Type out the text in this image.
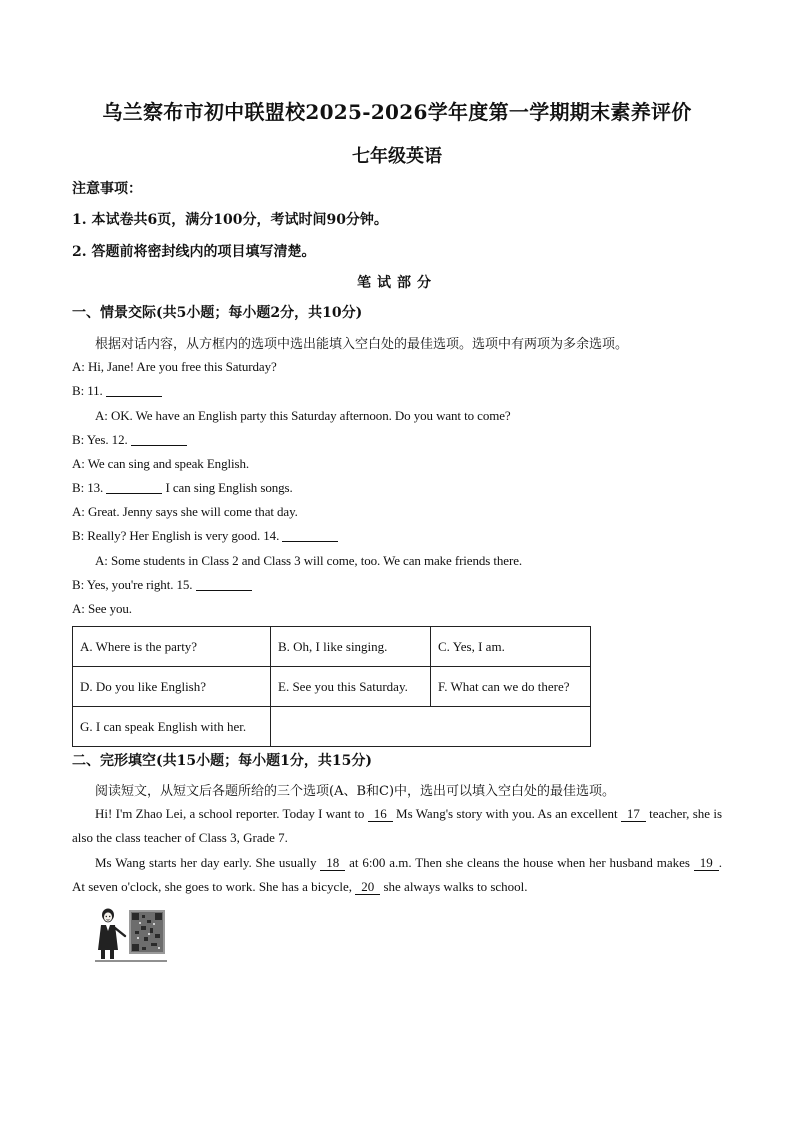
乌兰察布市初中联盟校2025-2026学年度第一学期期末素养评价
七年级英语
注意事项：
1. 本试卷共6页，满分100分，考试时间90分钟。
2. 答题前将密封线内的项目填写清楚。
笔试部分
一、情景交际(共5小题；每小题2分，共10分)
根据对话内容，从方框内的选项中选出能填入空白处的最佳选项。选项中有两项为多余选项。
A: Hi, Jane! Are you free this Saturday?
B: 11.
A: OK. We have an English party this Saturday afternoon. Do you want to come?
B: Yes. 12.
A: We can sing and speak English.
B: 13.	I can sing English songs.
A: Great. Jenny says she will come that day.
B: Really? Her English is very good. 14.
A: Some students in Class 2 and Class 3 will come, too. We can make friends there.
B: Yes, you're right. 15.
A: See you.
A. Where is the party?	B. Oh, I like singing.	C. Yes, I am.
D. Do you like English?	E. See you this Saturday.	F. What can we do there?
G. I can speak English with her.		
二、完形填空(共15小题；每小题1分，共15分)
阅读短文，从短文后各题所给的三个选项(A、B和C)中，选出可以填入空白处的最佳选项。
Hi! I'm Zhao Lei, a school reporter. Today I want to 16 Ms Wang's story with you. As an excellent 17 teacher, she is also the class teacher of Class 3, Grade 7.
Ms Wang starts her day early. She usually 18 at 6:00 a.m. Then she cleans the house when her husband makes 19 . At seven o'clock, she goes to work. She has a bicycle, 20 she always walks to school.
